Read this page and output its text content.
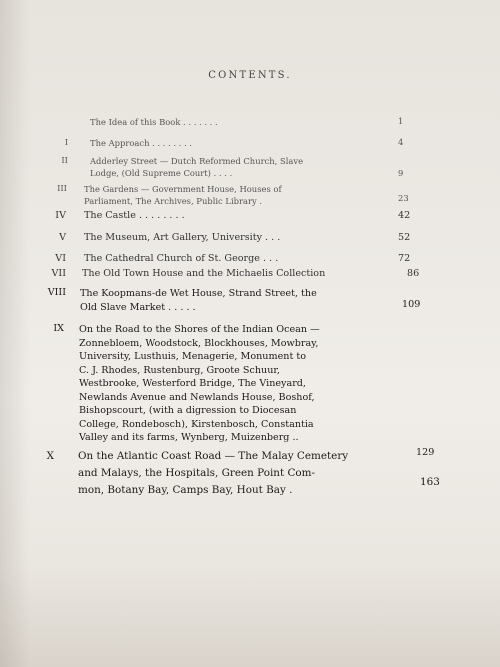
CONTENTS.
The Idea of this Book . . . . . . .	1
I	The Approach . . . . . . . .	4
II	Adderley Street — Dutch Reformed Church, Slave
Lodge, (Old Supreme Court) . . . .	9
III The Gardens — Government House, Houses of
Parliament, The Archives, Public Library .	23
IV The Castle . . . . . . . .	42
V The Museum, Art Gallery, University . . .	52
VI The Cathedral Church of St. George . . .	72
VII The Old Town House and the Michaelis Collection	86
VIII The Koopmans-de Wet House, Strand Street, the
Old Slave Market . . . . .	109
IX On the Road to the Shores of the Indian Ocean —
Zonnebloem, Woodstock, Blockhouses, Mowbray,
University, Lusthuis, Menagerie, Monument to
C. J. Rhodes, Rustenburg, Groote Schuur,
Westbrooke, Westerford Bridge, The Vineyard,
Newlands Avenue and Newlands House, Boshof,
Bishopscourt, (with a digression to Diocesan
College, Rondebosch), Kirstenbosch, Constantia
Valley and its farms, Wynberg, Muizenberg ..
129
X On the Atlantic Coast Road — The Malay Cemetery
and Malays, the Hospitals, Green Point Com-
mon, Botany Bay, Camps Bay, Hout Bay .
163
